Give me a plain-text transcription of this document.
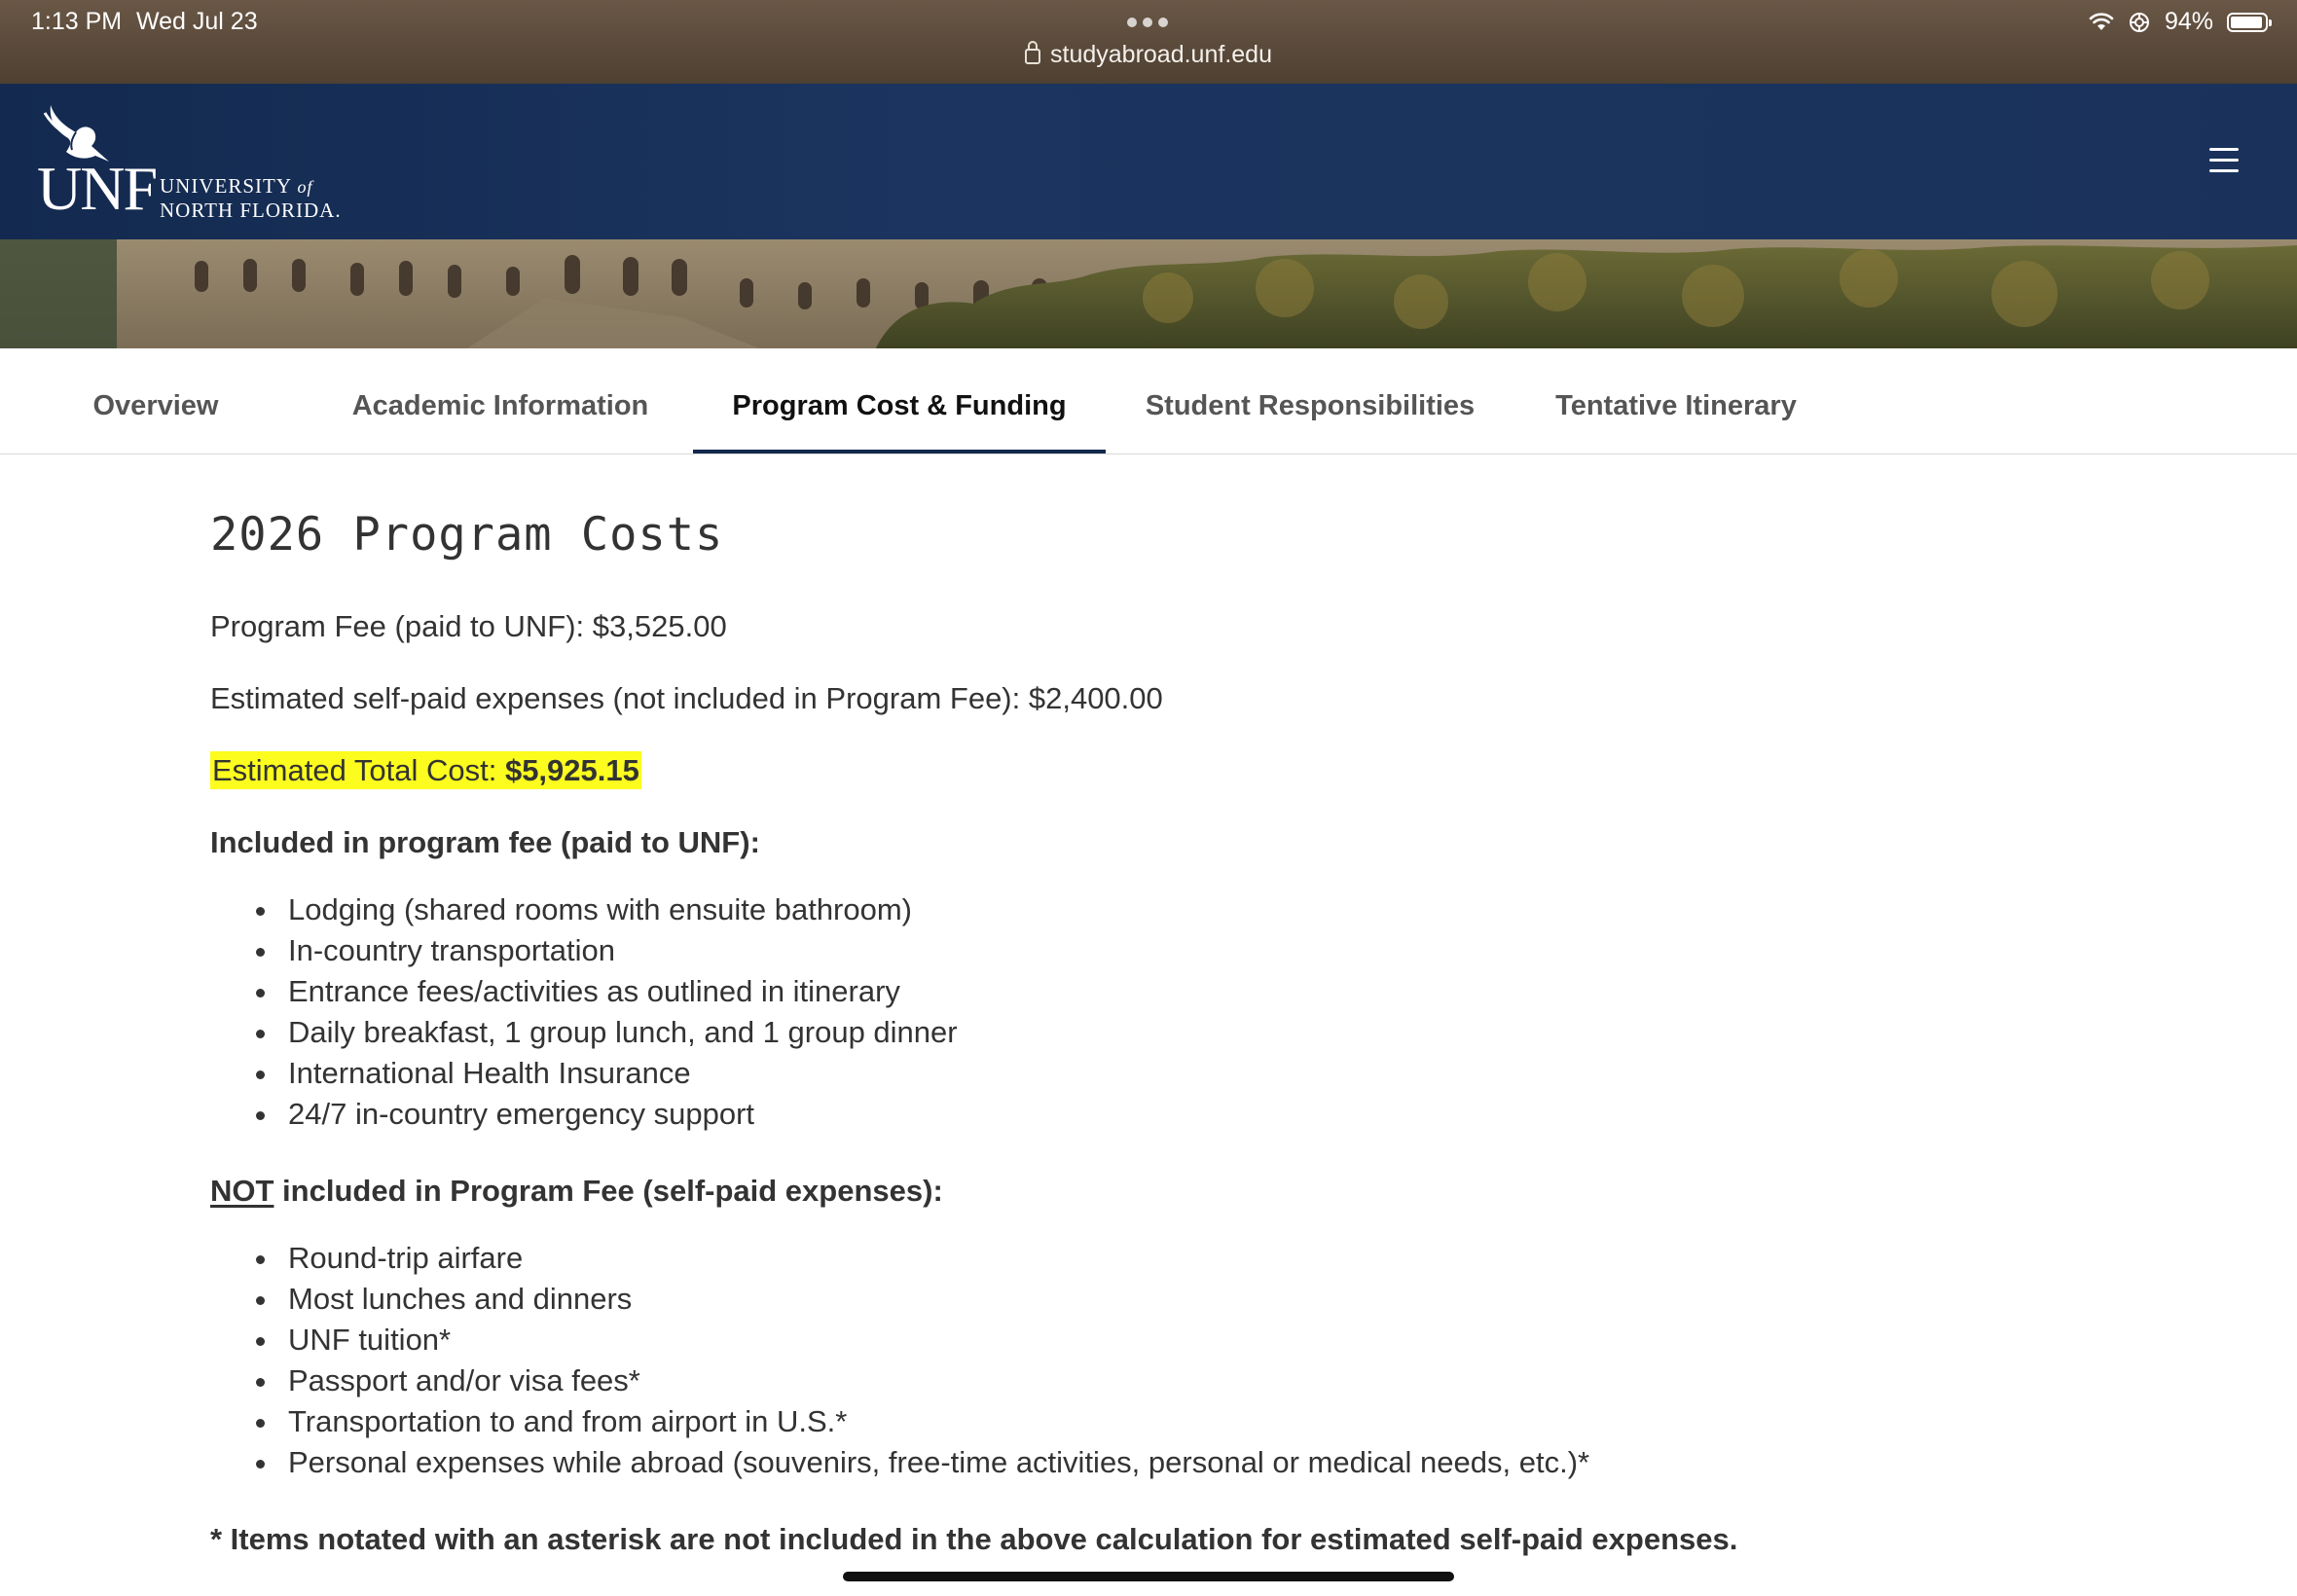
1:13 PM Wed Jul 23
studyabroad.unf.edu
94%
UNF UNIVERSITY of
NORTH FLORIDA.
Overview	Academic Information	Program Cost & Funding	Student Responsibilities	Tentative Itinerary
2026 Program Costs
Program Fee (paid to UNF): $3,525.00
Estimated self-paid expenses (not included in Program Fee): $2,400.00
Estimated Total Cost: $5,925.15
Included in program fee (paid to UNF):
Lodging (shared rooms with ensuite bathroom)
In-country transportation
Entrance fees/activities as outlined in itinerary
Daily breakfast, 1 group lunch, and 1 group dinner
International Health Insurance
24/7 in-country emergency support
NOT included in Program Fee (self-paid expenses):
Round-trip airfare
Most lunches and dinners
UNF tuition*
Passport and/or visa fees*
Transportation to and from airport in U.S.*
Personal expenses while abroad (souvenirs, free-time activities, personal or medical needs, etc.)*
* Items notated with an asterisk are not included in the above calculation for estimated self-paid expenses.
